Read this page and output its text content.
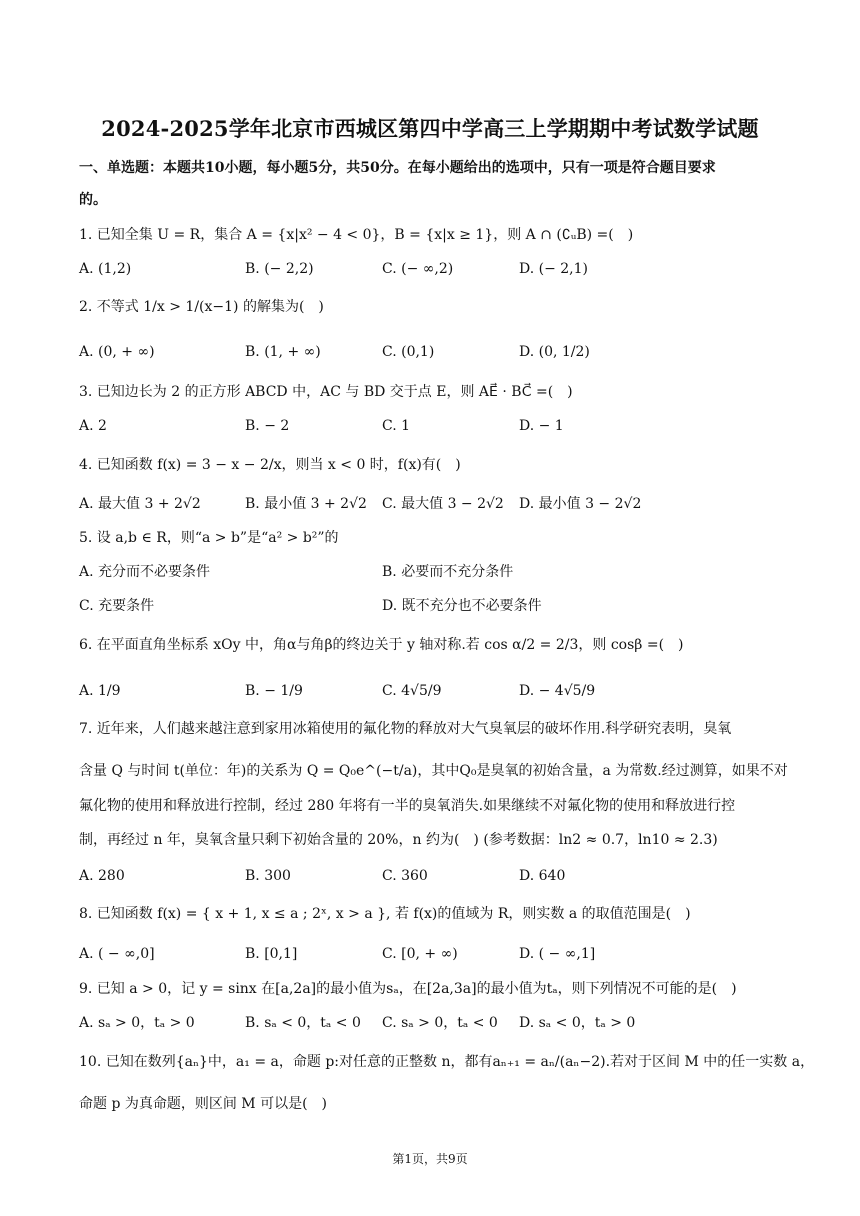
2024-2025学年北京市西城区第四中学高三上学期期中考试数学试题
一、单选题：本题共10小题，每小题5分，共50分。在每小题给出的选项中，只有一项是符合题目要求
的。
1. 已知全集 U = R，集合 A = {x|x² − 4 < 0}，B = {x|x ≥ 1}，则 A ∩ (∁ᵤB) =(　)
A. (1,2)	B. (− 2,2)	C. (− ∞,2)	D. (− 2,1)
2. 不等式 1/x > 1/(x−1) 的解集为(　)
A. (0, + ∞)	B. (1, + ∞)	C. (0,1)	D. (0, 1/2)
3. 已知边长为 2 的正方形 ABCD 中，AC 与 BD 交于点 E，则 AE⃗ · BC⃗ =(　)
A. 2	B. − 2	C. 1	D. − 1
4. 已知函数 f(x) = 3 − x − 2/x，则当 x < 0 时，f(x)有(　)
A. 最大值 3 + 2√2	B. 最小值 3 + 2√2 C. 最大值 3 − 2√2 D. 最小值 3 − 2√2
5. 设 a,b ∈ R，则“a > b”是“a² > b²”的
A. 充分而不必要条件	B. 必要而不充分条件
C. 充要条件	D. 既不充分也不必要条件
6. 在平面直角坐标系 xOy 中，角α与角β的终边关于 y 轴对称.若 cos α/2 = 2/3，则 cosβ =(　)
A. 1/9	B. − 1/9	C. 4√5/9	D. − 4√5/9
7. 近年来，人们越来越注意到家用冰箱使用的氟化物的释放对大气臭氧层的破坏作用.科学研究表明，臭氧
含量 Q 与时间 t(单位：年)的关系为 Q = Q₀e^(−t/a)，其中Q₀是臭氧的初始含量，a 为常数.经过测算，如果不对
氟化物的使用和释放进行控制，经过 280 年将有一半的臭氧消失.如果继续不对氟化物的使用和释放进行控
制，再经过 n 年，臭氧含量只剩下初始含量的 20%，n 约为(　) (参考数据：ln2 ≈ 0.7，ln10 ≈ 2.3)
A. 280	B. 300	C. 360	D. 640
8. 已知函数 f(x) = { x + 1, x ≤ a ; 2ˣ, x > a }, 若 f(x)的值域为 R，则实数 a 的取值范围是(　)
A. ( − ∞,0]	B. [0,1]	C. [0, + ∞)	D. ( − ∞,1]
9. 已知 a > 0，记 y = sinx 在[a,2a]的最小值为sₐ，在[2a,3a]的最小值为tₐ，则下列情况不可能的是(　)
A. sₐ > 0，tₐ > 0	B. sₐ < 0，tₐ < 0 C. sₐ > 0，tₐ < 0 D. sₐ < 0，tₐ > 0
10. 已知在数列{aₙ}中，a₁ = a，命题 p:对任意的正整数 n，都有aₙ₊₁ = aₙ/(aₙ−2).若对于区间 M 中的任一实数 a，
命题 p 为真命题，则区间 M 可以是(　)
第1页，共9页
